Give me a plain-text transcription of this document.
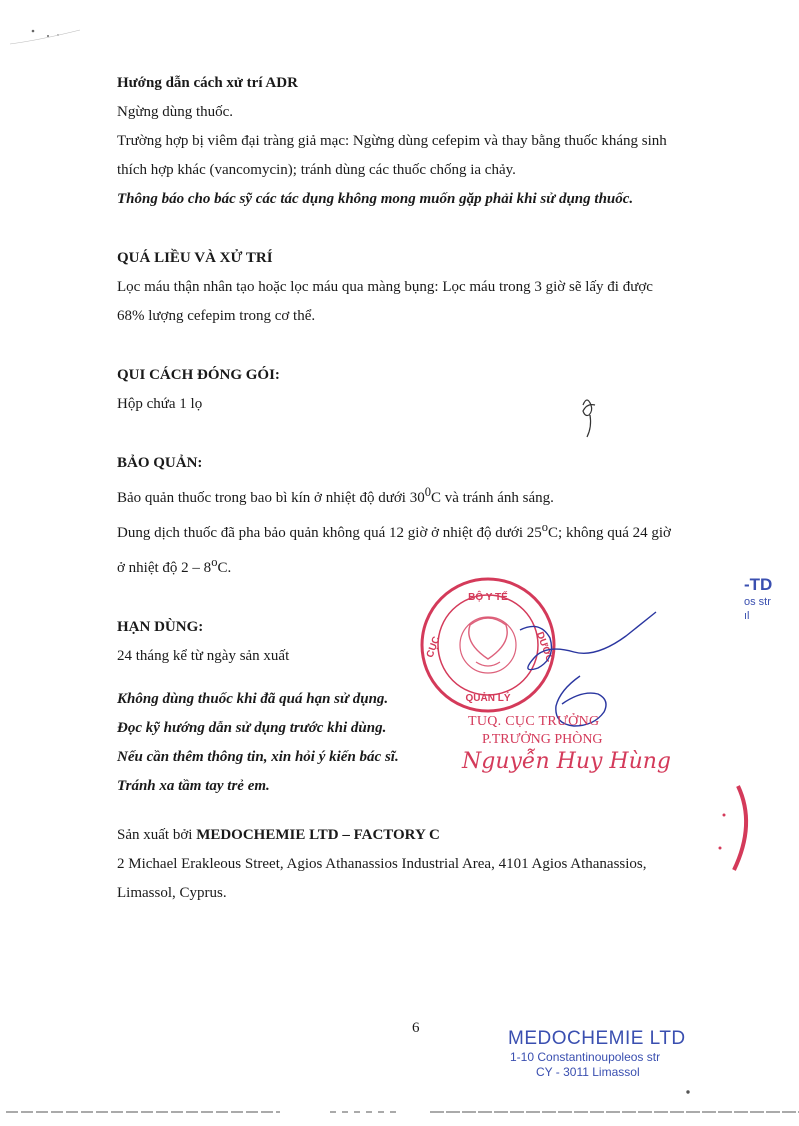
BỘ Y TẾ
CỤC
QUẢN LÝ
DƯỢC

Hướng dẫn cách xử trí ADR

Ngừng dùng thuốc.

Trường hợp bị viêm đại tràng giả mạc: Ngừng dùng cefepim và thay bằng thuốc kháng sinh

thích hợp khác (vancomycin); tránh dùng các thuốc chống ia chảy.

Thông báo cho bác sỹ các tác dụng không mong muốn gặp phải khi sử dụng thuốc.

QUÁ LIỀU VÀ XỬ TRÍ

Lọc máu thận nhân tạo hoặc lọc máu qua màng bụng: Lọc máu trong 3 giờ sẽ lấy đi được

68% lượng cefepim trong cơ thể.

QUI CÁCH ĐÓNG GÓI:

Hộp chứa 1 lọ

BẢO QUẢN:

Bảo quản thuốc trong bao bì kín ở nhiệt độ dưới $30^0C$ và tránh ánh sáng.

Dung dịch thuốc đã pha bảo quản không quá 12 giờ ở nhiệt độ dưới 25$^o$C; không quá 24 giờ

ở nhiệt độ 2 – 8$^o$C.

HẠN DÙNG:

24 tháng kể từ ngày sản xuất

Không dùng thuốc khi đã quá hạn sử dụng.

Đọc kỹ hướng dẫn sử dụng trước khi dùng.

Nếu cần thêm thông tin, xin hỏi ý kiến bác sĩ.

Tránh xa tầm tay trẻ em.

Sản xuất bởi MEDOCHEMIE LTD – FACTORY C

2 Michael Erakleous Street, Agios Athanassios Industrial Area, 4101 Agios Athanassios,

Limassol, Cyprus.

TUQ. CỤC TRƯỞNG
P.TRƯỞNG PHÒNG
Nguyễn Huy Hùng
-TD
os str
ıl
6	MEDOCHEMIE LTD
1-10 Constantinoupoleos str
CY - 3011 Limassol
